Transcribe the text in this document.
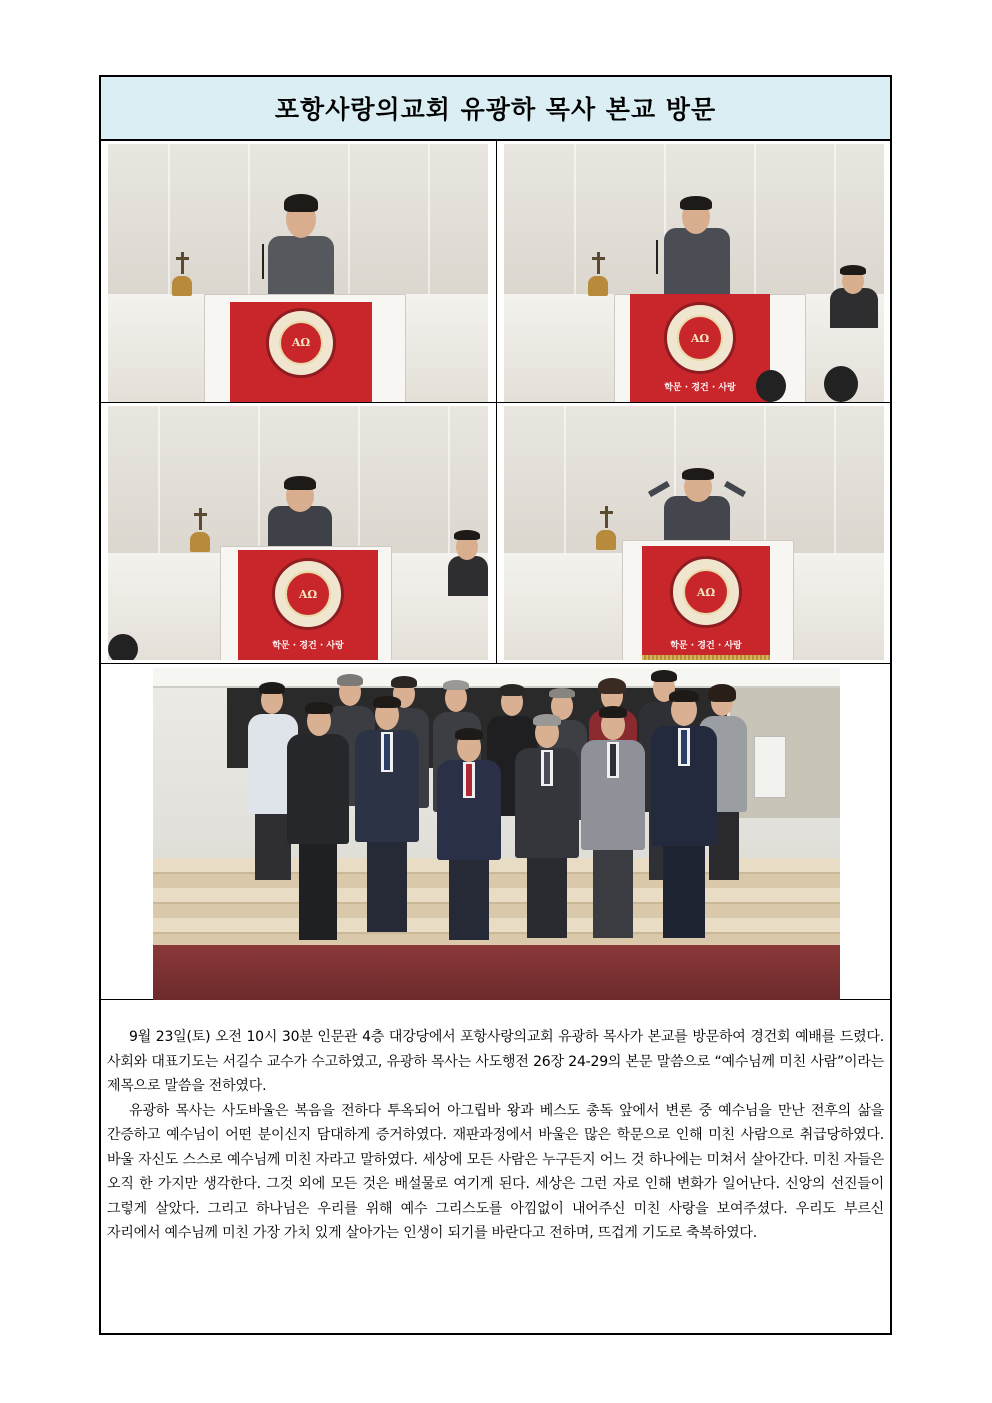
포항사랑의교회 유광하 목사 본교 방문
AΩ	AΩ
학문 · 경건 · 사랑
AΩ
학문 · 경건 · 사랑
AΩ
학문 · 경건 · 사랑

9월 23일(토) 오전 10시 30분 인문관 4층 대강당에서 포항사랑의교회 유광하 목사가 본교를 방문하여 경건회 예배를 드렸다. 사회와 대표기도는 서길수 교수가 수고하였고, 유광하 목사는 사도행전 26장 24-29의 본문 말씀으로 “예수님께 미친 사람”이라는 제목으로 말씀을 전하였다.

유광하 목사는 사도바울은 복음을 전하다 투옥되어 아그립바 왕과 베스도 총독 앞에서 변론 중 예수님을 만난 전후의 삶을 간증하고 예수님이 어떤 분이신지 담대하게 증거하였다. 재판과정에서 바울은 많은 학문으로 인해 미친 사람으로 취급당하였다. 바울 자신도 스스로 예수님께 미친 자라고 말하였다. 세상에 모든 사람은 누구든지 어느 것 하나에는 미쳐서 살아간다. 미친 자들은 오직 한 가지만 생각한다. 그것 외에 모든 것은 배설물로 여기게 된다. 세상은 그런 자로 인해 변화가 일어난다. 신앙의 선진들이 그렇게 살았다. 그리고 하나님은 우리를 위해 예수 그리스도를 아낌없이 내어주신 미친 사랑을 보여주셨다. 우리도 부르신 자리에서 예수님께 미친 가장 가치 있게 살아가는 인생이 되기를 바란다고 전하며, 뜨겁게 기도로 축복하였다.
